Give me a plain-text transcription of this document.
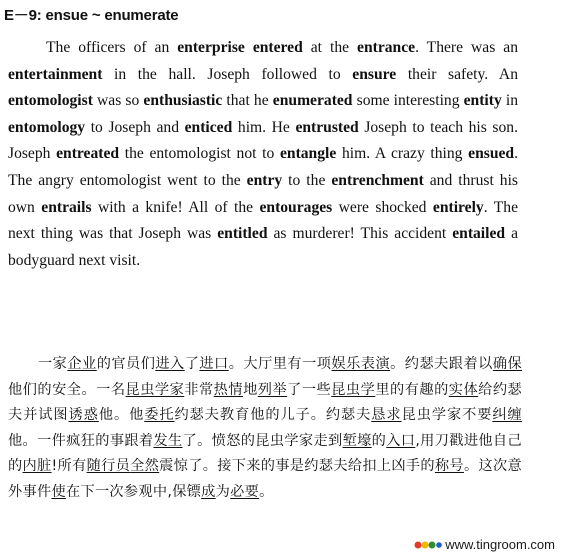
E－9: ensue ~ enumerate
The officers of an enterprise entered at the entrance. There was an entertainment in the hall. Joseph followed to ensure their safety. An entomologist was so enthusiastic that he enumerated some interesting entity in entomology to Joseph and enticed him. He entrusted Joseph to teach his son. Joseph entreated the entomologist not to entangle him. A crazy thing ensued. The angry entomologist went to the entry to the entrenchment and thrust his own entrails with a knife! All of the entourages were shocked entirely. The next thing was that Joseph was entitled as murderer! This accident entailed a bodyguard next visit.
一家企业的官员们进入了进口。大厅里有一项娱乐表演。约瑟夫跟着以确保他们的安全。一名昆虫学家非常热情地列举了一些昆虫学里的有趣的实体给约瑟夫并试图诱惑他。他委托约瑟夫教育他的儿子。约瑟夫恳求昆虫学家不要纠缠他。一件疯狂的事跟着发生了。愤怒的昆虫学家走到堑壕的入口,用刀戳进他自己的内脏!所有随行员全然震惊了。接下来的事是约瑟夫给扣上凶手的称号。这次意外事件使在下一次参观中,保镖成为必要。
www.tingroom.com
